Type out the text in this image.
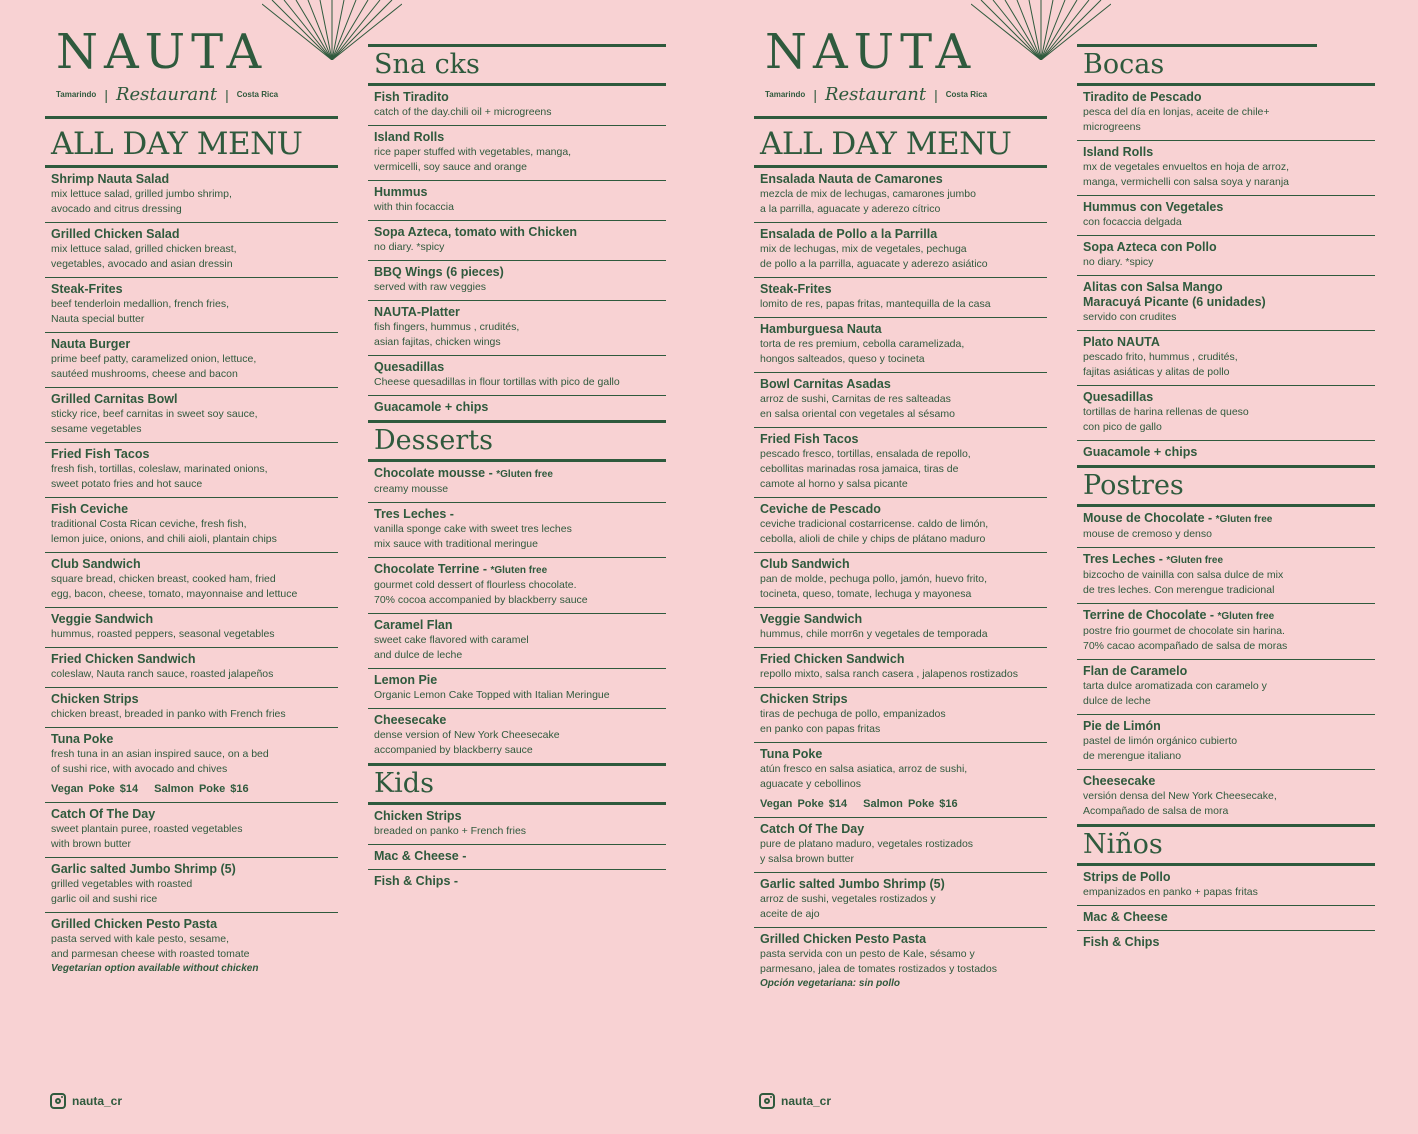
NAUTA
Tamarindo | Restaurant | Costa Rica
ALL DAY MENU
Shrimp Nauta Salad
mix lettuce salad, grilled jumbo shrimp,
avocado and citrus dressing
Grilled Chicken Salad
mix lettuce salad, grilled chicken breast,
vegetables, avocado and asian dressin
Steak-Frites
beef tenderloin medallion, french fries,
Nauta special butter
Nauta Burger
prime beef patty, caramelized onion, lettuce,
sautéed mushrooms, cheese and bacon
Grilled Carnitas Bowl
sticky rice, beef carnitas in sweet soy sauce,
sesame vegetables
Fried Fish Tacos
fresh fish, tortillas, coleslaw, marinated onions,
sweet potato fries and hot sauce
Fish Ceviche
traditional Costa Rican ceviche, fresh fish,
lemon juice, onions, and chili aioli, plantain chips
Club Sandwich
square bread, chicken breast, cooked ham, fried
egg, bacon, cheese, tomato, mayonnaise and lettuce
Veggie Sandwich
hummus, roasted peppers, seasonal vegetables
Fried Chicken Sandwich
coleslaw, Nauta ranch sauce, roasted jalapeños
Chicken Strips
chicken breast, breaded in panko with French fries
Tuna Poke
fresh tuna in an asian inspired sauce, on a bed
of sushi rice, with avocado and chives
Vegan Poke $14 Salmon Poke $16
Catch Of The Day
sweet plantain puree, roasted vegetables
with brown butter
Garlic salted Jumbo Shrimp (5)
grilled vegetables with roasted
garlic oil and sushi rice
Grilled Chicken Pesto Pasta
pasta served with kale pesto, sesame,
and parmesan cheese with roasted tomate
Vegetarian option available without chicken
Sna cks
Fish Tiradito
catch of the day.chili oil + microgreens
Island Rolls
rice paper stuffed with vegetables, manga,
vermicelli, soy sauce and orange
Hummus
with thin focaccia
Sopa Azteca, tomato with Chicken
no diary. *spicy
BBQ Wings (6 pieces)
served with raw veggies
NAUTA-Platter
fish fingers, hummus , crudités,
asian fajitas, chicken wings
Quesadillas
Cheese quesadillas in flour tortillas with pico de gallo
Guacamole + chips
Desserts
Chocolate mousse - *Gluten free
creamy mousse
Tres Leches -
vanilla sponge cake with sweet tres leches
mix sauce with traditional meringue
Chocolate Terrine - *Gluten free
gourmet cold dessert of flourless chocolate.
70% cocoa accompanied by blackberry sauce
Caramel Flan
sweet cake flavored with caramel
and dulce de leche
Lemon Pie
Organic Lemon Cake Topped with Italian Meringue
Cheesecake
dense version of New York Cheesecake
accompanied by blackberry sauce
Kids
Chicken Strips
breaded on panko + French fries
Mac & Cheese -
Fish & Chips -
nauta_cr
NAUTA
Tamarindo | Restaurant | Costa Rica
ALL DAY MENU
Ensalada Nauta de Camarones
mezcla de mix de lechugas, camarones jumbo
a la parrilla, aguacate y aderezo cítrico
Ensalada de Pollo a la Parrilla
mix de lechugas, mix de vegetales, pechuga
de pollo a la parrilla, aguacate y aderezo asiático
Steak-Frites
lomito de res, papas fritas, mantequilla de la casa
Hamburguesa Nauta
torta de res premium, cebolla caramelizada,
hongos salteados, queso y tocineta
Bowl Carnitas Asadas
arroz de sushi, Carnitas de res salteadas
en salsa oriental con vegetales al sésamo
Fried Fish Tacos
pescado fresco, tortillas, ensalada de repollo,
cebollitas marinadas rosa jamaica, tiras de
camote al horno y salsa picante
Ceviche de Pescado
ceviche tradicional costarricense. caldo de limón,
cebolla, alioli de chile y chips de plátano maduro
Club Sandwich
pan de molde, pechuga pollo, jamón, huevo frito,
tocineta, queso, tomate, lechuga y mayonesa
Veggie Sandwich
hummus, chile morr6n y vegetales de temporada
Fried Chicken Sandwich
repollo mixto, salsa ranch casera , jalapenos rostizados
Chicken Strips
tiras de pechuga de pollo, empanizados
en panko con papas fritas
Tuna Poke
atún fresco en salsa asiatica, arroz de sushi,
aguacate y cebollinos
Vegan Poke $14 Salmon Poke $16
Catch Of The Day
pure de platano maduro, vegetales rostizados
y salsa brown butter
Garlic salted Jumbo Shrimp (5)
arroz de sushi, vegetales rostizados y
aceite de ajo
Grilled Chicken Pesto Pasta
pasta servida con un pesto de Kale, sésamo y
parmesano, jalea de tomates rostizados y tostados
Opción vegetariana: sin pollo
Bocas
Tiradito de Pescado
pesca del día en lonjas, aceite de chile+
microgreens
Island Rolls
mx de vegetales envueltos en hoja de arroz,
manga, vermichelli con salsa soya y naranja
Hummus con Vegetales
con focaccia delgada
Sopa Azteca con Pollo
no diary. *spicy
Alitas con Salsa Mango
Maracuyá Picante (6 unidades)
servido con crudites
Plato NAUTA
pescado frito, hummus , crudités,
fajitas asiáticas y alitas de pollo
Quesadillas
tortillas de harina rellenas de queso
con pico de gallo
Guacamole + chips
Postres
Mouse de Chocolate - *Gluten free
mouse de cremoso y denso
Tres Leches - *Gluten free
bizcocho de vainilla con salsa dulce de mix
de tres leches. Con merengue tradicional
Terrine de Chocolate - *Gluten free
postre frio gourmet de chocolate sin harina.
70% cacao acompañado de salsa de moras
Flan de Caramelo
tarta dulce aromatizada con caramelo y
dulce de leche
Pie de Limón
pastel de limón orgánico cubierto
de merengue italiano
Cheesecake
versión densa del New York Cheesecake,
Acompañado de salsa de mora
Niños
Strips de Pollo
empanizados en panko + papas fritas
Mac & Cheese
Fish & Chips
nauta_cr
